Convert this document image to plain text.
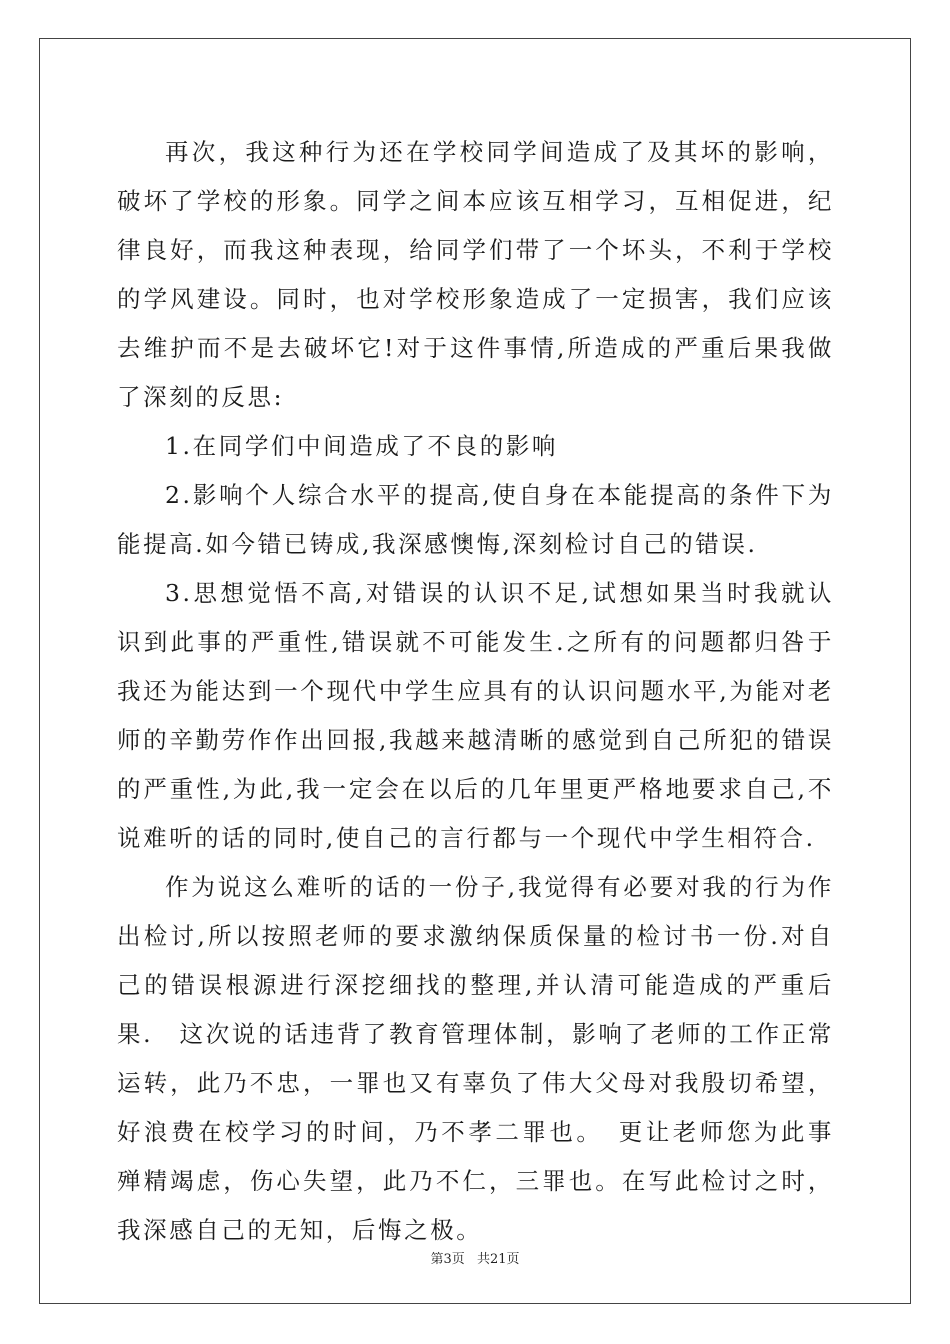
再次，我这种行为还在学校同学间造成了及其坏的影响，破坏了学校的形象。同学之间本应该互相学习，互相促进，纪律良好，而我这种表现，给同学们带了一个坏头，不利于学校的学风建设。同时，也对学校形象造成了一定损害，我们应该去维护而不是去破坏它!对于这件事情,所造成的严重后果我做了深刻的反思:

1.在同学们中间造成了不良的影响

2.影响个人综合水平的提高,使自身在本能提高的条件下为能提高.如今错已铸成,我深感懊悔,深刻检讨自己的错误.

3.思想觉悟不高,对错误的认识不足,试想如果当时我就认识到此事的严重性,错误就不可能发生.之所有的问题都归咎于我还为能达到一个现代中学生应具有的认识问题水平,为能对老师的辛勤劳作作出回报,我越来越清晰的感觉到自己所犯的错误的严重性,为此,我一定会在以后的几年里更严格地要求自己,不说难听的话的同时,使自己的言行都与一个现代中学生相符合.

作为说这么难听的话的一份子,我觉得有必要对我的行为作出检讨,所以按照老师的要求激纳保质保量的检讨书一份.对自己的错误根源进行深挖细找的整理,并认清可能造成的严重后果.　这次说的话违背了教育管理体制，影响了老师的工作正常运转，此乃不忠，一罪也又有辜负了伟大父母对我殷切希望，好浪费在校学习的时间，乃不孝二罪也。　更让老师您为此事殚精竭虑，伤心失望，此乃不仁，三罪也。在写此检讨之时，我深感自己的无知，后悔之极。

第3页 共21页
